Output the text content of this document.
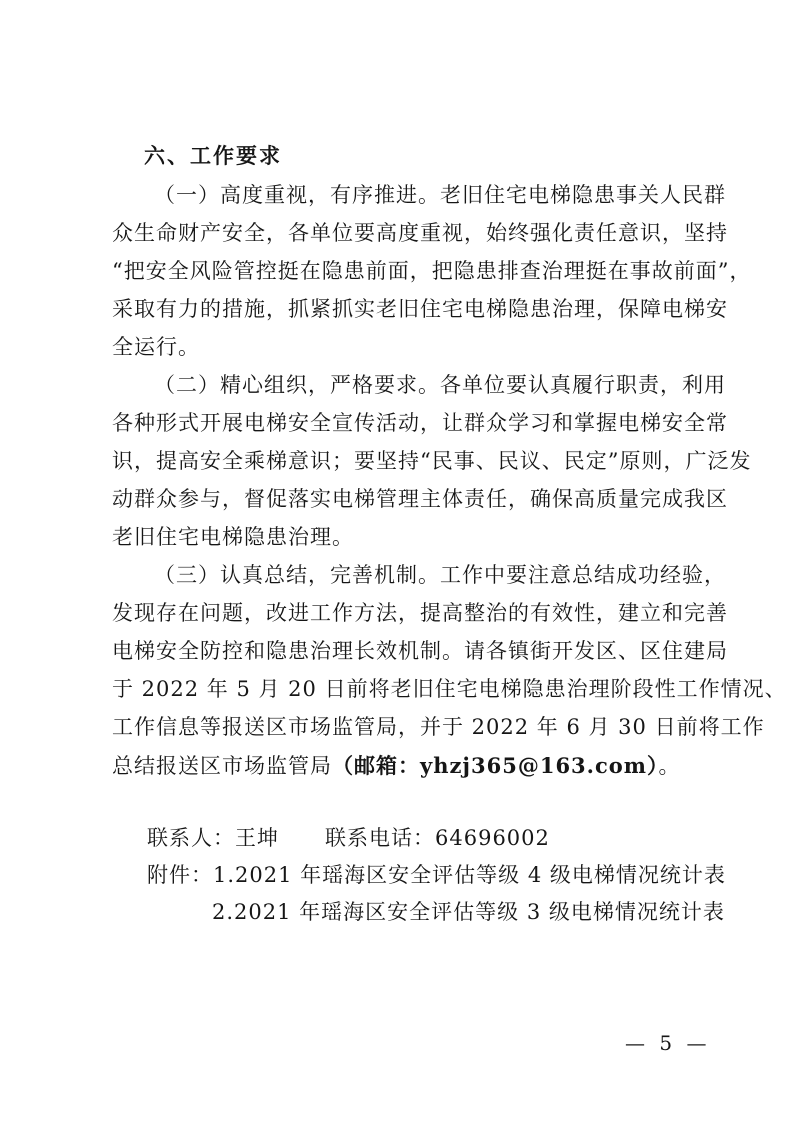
六、工作要求
（一）高度重视，有序推进。老旧住宅电梯隐患事关人民群
众生命财产安全，各单位要高度重视，始终强化责任意识，坚持
“把安全风险管控挺在隐患前面，把隐患排查治理挺在事故前面”，
采取有力的措施，抓紧抓实老旧住宅电梯隐患治理，保障电梯安
全运行。
（二）精心组织，严格要求。各单位要认真履行职责，利用
各种形式开展电梯安全宣传活动，让群众学习和掌握电梯安全常
识，提高安全乘梯意识；要坚持“民事、民议、民定”原则，广泛发
动群众参与，督促落实电梯管理主体责任，确保高质量完成我区
老旧住宅电梯隐患治理。
（三）认真总结，完善机制。工作中要注意总结成功经验，
发现存在问题，改进工作方法，提高整治的有效性，建立和完善
电梯安全防控和隐患治理长效机制。请各镇街开发区、区住建局
于 2022 年 5 月 20 日前将老旧住宅电梯隐患治理阶段性工作情况、
工作信息等报送区市场监管局，并于 2022 年 6 月 30 日前将工作
总结报送区市场监管局（邮箱：yhzj365@163.com）。
联系人：王坤 联系电话：64696002
附件：1.2021 年瑶海区安全评估等级 4 级电梯情况统计表
2.2021 年瑶海区安全评估等级 3 级电梯情况统计表
— 5 —
